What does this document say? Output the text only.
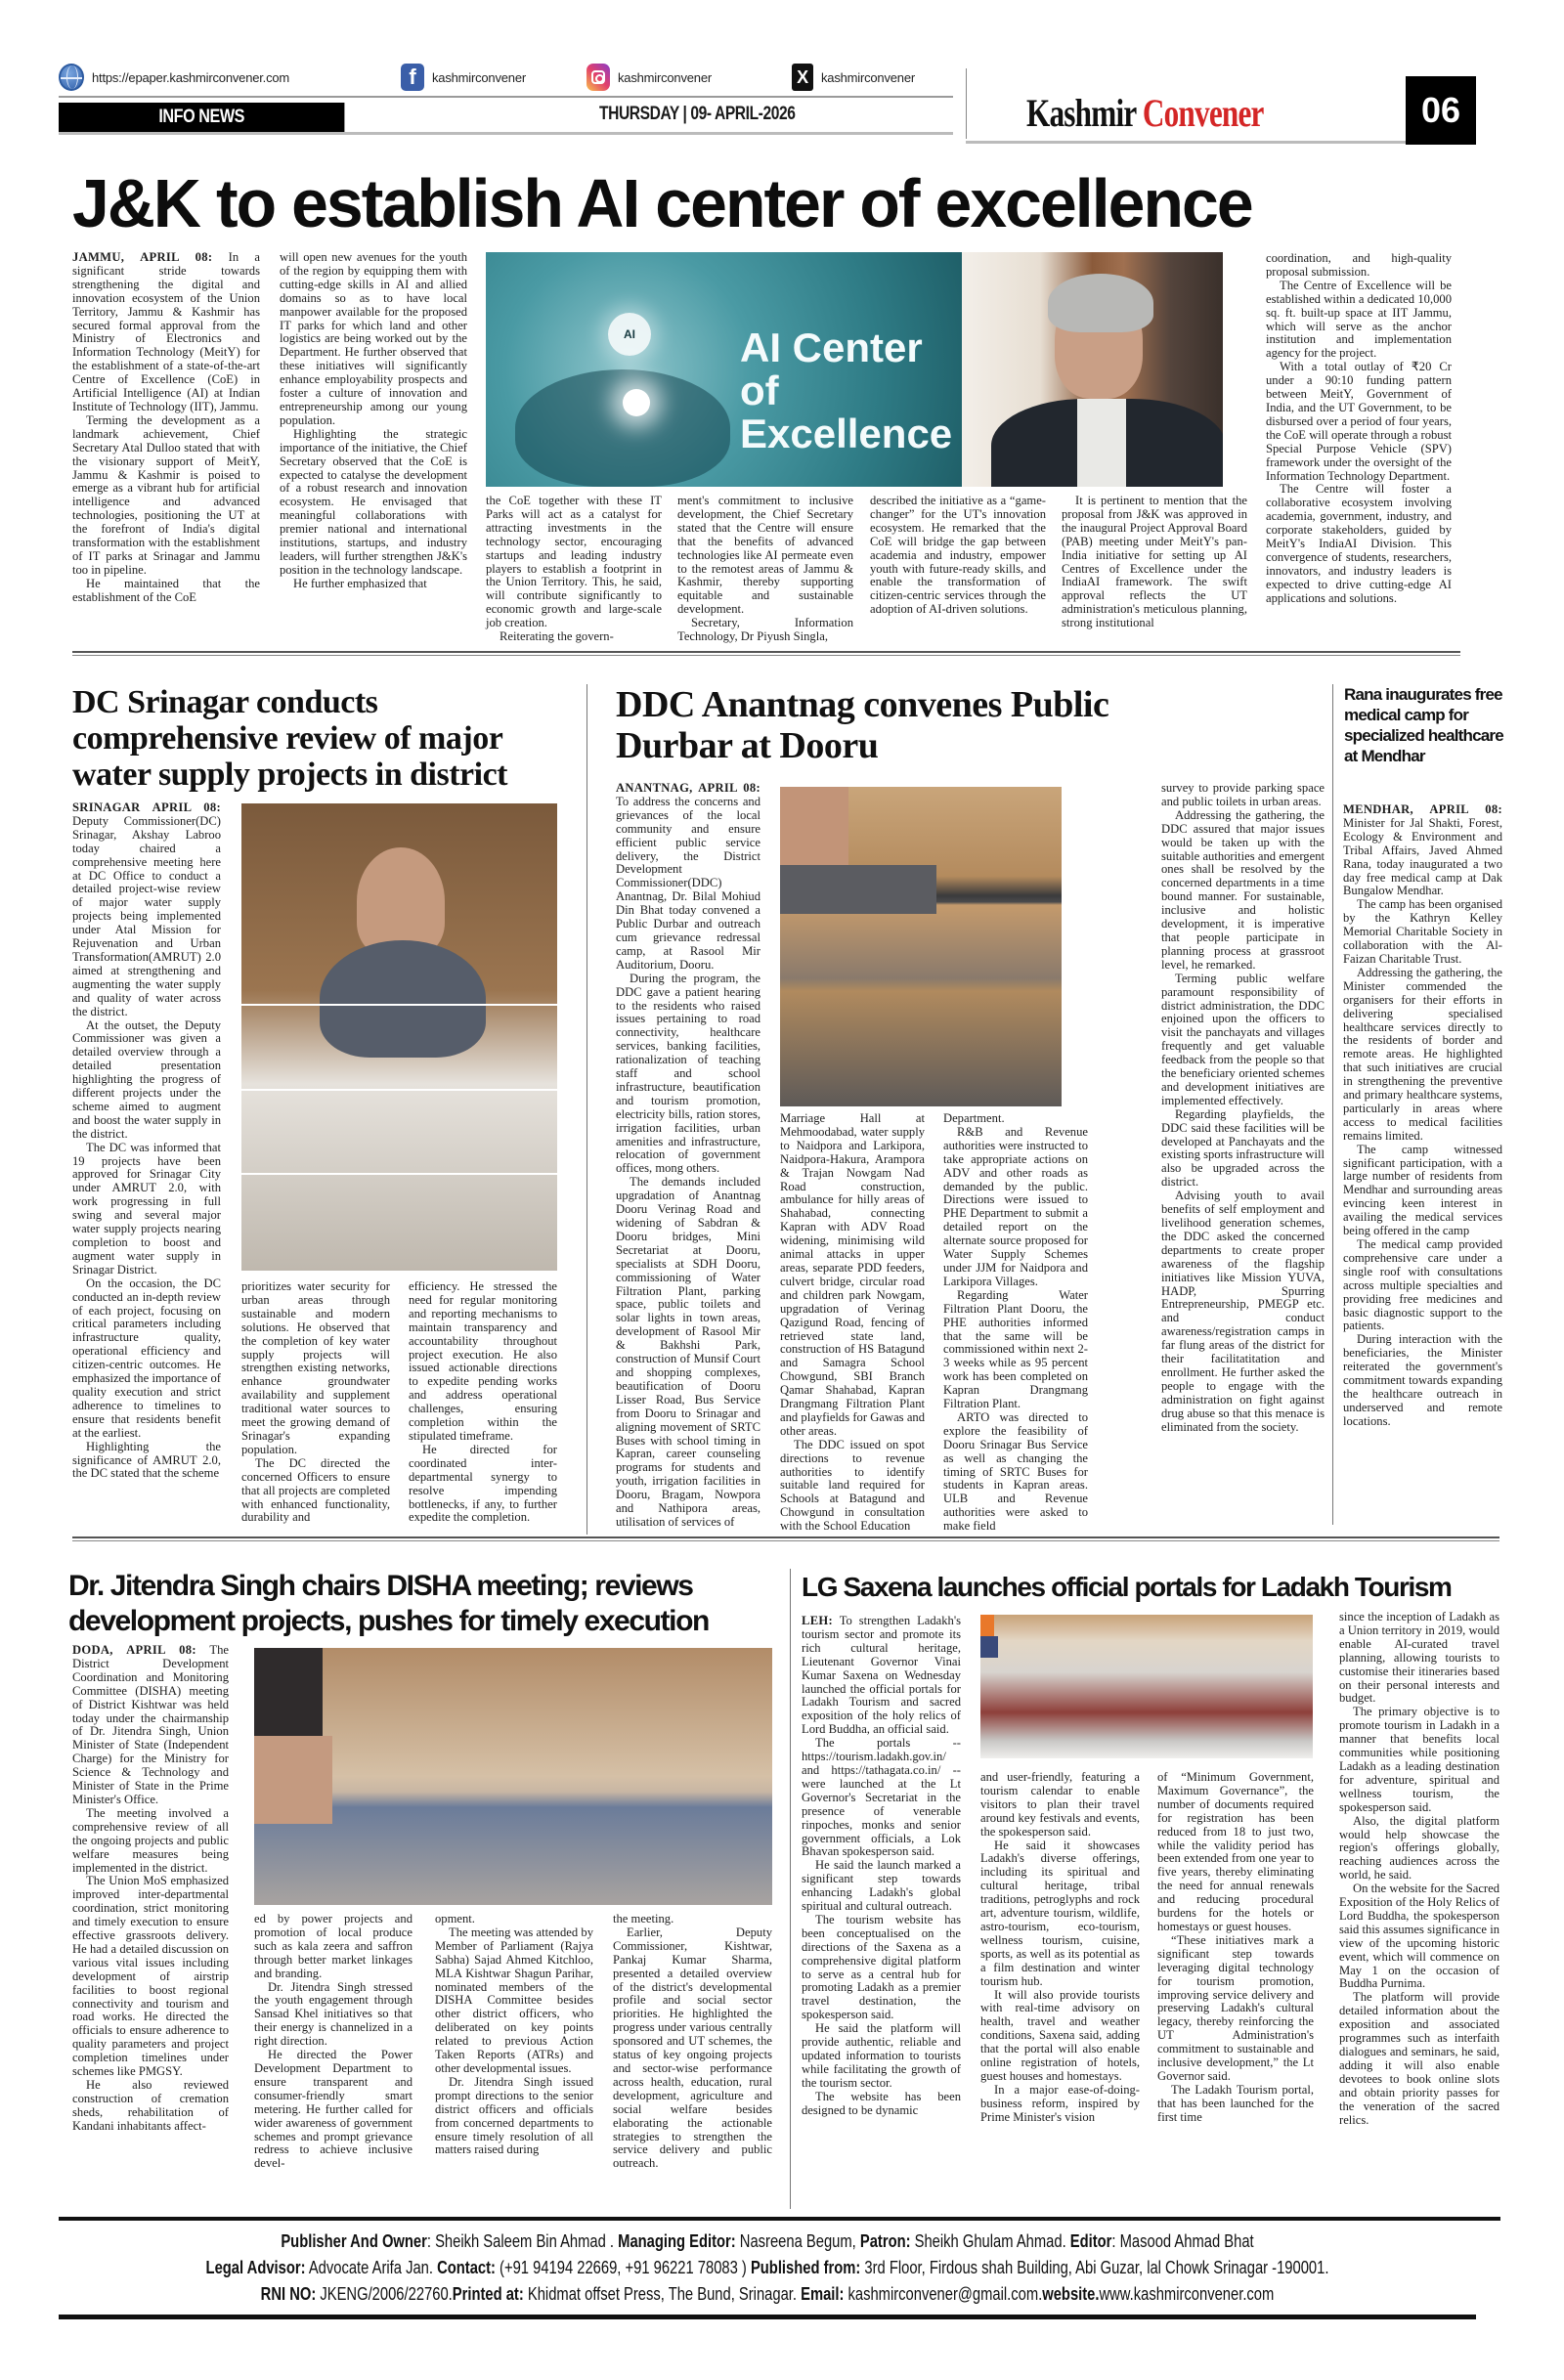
https://epaper.kashmirconvener.com	f	kashmirconvener	kashmirconvener	X	kashmirconvener
INFO NEWS	THURSDAY | 09- APRIL-2026	Kashmir Convener	06
J&K to establish AI center of excellence

JAMMU, APRIL 08: In a significant stride towards strengthening the digital and innovation ecosystem of the Union Territory, Jammu & Kashmir has secured formal approval from the Ministry of Electronics and Information Technology (MeitY) for the establishment of a state-of-the-art Centre of Excellence (CoE) in Artificial Intelligence (AI) at Indian Institute of Technology (IIT), Jammu.

Terming the development as a landmark achievement, Chief Secretary Atal Dulloo stated that with the visionary support of MeitY, Jammu & Kashmir is poised to emerge as a vibrant hub for artificial intelligence and advanced technologies, positioning the UT at the forefront of India's digital transformation with the establishment of IT parks at Srinagar and Jammu too in pipeline.

He maintained that the establishment of the CoE

will open new avenues for the youth of the region by equipping them with cutting-edge skills in AI and allied domains so as to have local manpower available for the proposed IT parks for which land and other logistics are being worked out by the Department. He further observed that these initiatives will significantly enhance employability prospects and foster a culture of innovation and entrepreneurship among our young population.

Highlighting the strategic importance of the initiative, the Chief Secretary observed that the CoE is expected to catalyse the development of a robust research and innovation ecosystem. He envisaged that meaningful collaborations with premier national and international institutions, startups, and industry leaders, will further strengthen J&K's position in the technology landscape.

He further emphasized that

AI	AI Center of Excellence

the CoE together with these IT Parks will act as a catalyst for attracting investments in the technology sector, encouraging startups and leading industry players to establish a footprint in the Union Territory. This, he said, will contribute significantly to economic growth and large-scale job creation.

Reiterating the govern-

ment's commitment to inclusive development, the Chief Secretary stated that the Centre will ensure that the benefits of advanced technologies like AI permeate even to the remotest areas of Jammu & Kashmir, thereby supporting equitable and sustainable development.

Secretary, Information Technology, Dr Piyush Singla,

described the initiative as a “game-changer” for the UT's innovation ecosystem. He remarked that the CoE will bridge the gap between academia and industry, empower youth with future-ready skills, and enable the transformation of citizen-centric services through the adoption of AI-driven solutions.

It is pertinent to mention that the proposal from J&K was approved in the inaugural Project Approval Board (PAB) meeting under MeitY's pan-India initiative for setting up AI Centres of Excellence under the IndiaAI framework. The swift approval reflects the UT administration's meticulous planning, strong institutional

coordination, and high-quality proposal submission.

The Centre of Excellence will be established within a dedicated 10,000 sq. ft. built-up space at IIT Jammu, which will serve as the anchor institution and implementation agency for the project.

With a total outlay of ₹20 Cr under a 90:10 funding pattern between MeitY, Government of India, and the UT Government, to be disbursed over a period of four years, the CoE will operate through a robust Special Purpose Vehicle (SPV) framework under the oversight of the Information Technology Department.

The Centre will foster a collaborative ecosystem involving academia, government, industry, and corporate stakeholders, guided by MeitY's IndiaAI Division. This convergence of students, researchers, innovators, and industry leaders is expected to drive cutting-edge AI applications and solutions.

DC Srinagar conducts comprehensive review of major water supply projects in district

SRINAGAR APRIL 08: Deputy Commissioner(DC) Srinagar, Akshay Labroo today chaired a comprehensive meeting here at DC Office to conduct a detailed project-wise review of major water supply projects being implemented under Atal Mission for Rejuvenation and Urban Transformation(AMRUT) 2.0 aimed at strengthening and augmenting the water supply and quality of water across the district.

At the outset, the Deputy Commissioner was given a detailed overview through a detailed presentation highlighting the progress of different projects under the scheme aimed to augment and boost the water supply in the district.

The DC was informed that 19 projects have been approved for Srinagar City under AMRUT 2.0, with work progressing in full swing and several major water supply projects nearing completion to boost and augment water supply in Srinagar District.

On the occasion, the DC conducted an in-depth review of each project, focusing on critical parameters including infrastructure quality, operational efficiency and citizen-centric outcomes. He emphasized the importance of quality execution and strict adherence to timelines to ensure that residents benefit at the earliest.

Highlighting the significance of AMRUT 2.0, the DC stated that the scheme

prioritizes water security for urban areas through sustainable and modern solutions. He observed that the completion of key water supply projects will strengthen existing networks, enhance groundwater availability and supplement traditional water sources to meet the growing demand of Srinagar's expanding population.

The DC directed the concerned Officers to ensure that all projects are completed with enhanced functionality, durability and

efficiency. He stressed the need for regular monitoring and reporting mechanisms to maintain transparency and accountability throughout project execution. He also issued actionable directions to expedite pending works and address operational challenges, ensuring completion within the stipulated timeframe.

He directed for coordinated inter-departmental synergy to resolve impending bottlenecks, if any, to further expedite the completion.

DDC Anantnag convenes Public Durbar at Dooru

ANANTNAG, APRIL 08: To address the concerns and grievances of the local community and ensure efficient public service delivery, the District Development Commissioner(DDC) Anantnag, Dr. Bilal Mohiud Din Bhat today convened a Public Durbar and outreach cum grievance redressal camp, at Rasool Mir Auditorium, Dooru.

During the program, the DDC gave a patient hearing to the residents who raised issues pertaining to road connectivity, healthcare services, banking facilities, rationalization of teaching staff and school infrastructure, beautification and tourism promotion, electricity bills, ration stores, irrigation facilities, urban amenities and infrastructure, relocation of government offices, mong others.

The demands included upgradation of Anantnag Dooru Verinag Road and widening of Sabdran & Dooru bridges, Mini Secretariat at Dooru, specialists at SDH Dooru, commissioning of Water Filtration Plant, parking space, public toilets and solar lights in town areas, development of Rasool Mir & Bakhshi Park, construction of Munsif Court and shopping complexes, beautification of Dooru Lisser Road, Bus Service from Dooru to Srinagar and aligning movement of SRTC Buses with school timing in Kapran, career counseling programs for students and youth, irrigation facilities in Dooru, Bragam, Nowpora and Nathipora areas, utilisation of services of

Marriage Hall at Mehmoodabad, water supply to Naidpora and Larkipora, Naidpora-Hakura, Arampora & Trajan Nowgam Nad Road construction, ambulance for hilly areas of Shahabad, connecting Kapran with ADV Road widening, minimising wild animal attacks in upper areas, separate PDD feeders, culvert bridge, circular road and children park Nowgam, upgradation of Verinag Qazigund Road, fencing of retrieved state land, construction of HS Batagund and Samagra School Chowgund, SBI Branch Qamar Shahabad, Kapran Drangmang Filtration Plant and playfields for Gawas and other areas.

The DDC issued on spot directions to revenue authorities to identify suitable land required for Schools at Batagund and Chowgund in consultation with the School Education

Department.

R&B and Revenue authorities were instructed to take appropriate actions on ADV and other roads as demanded by the public. Directions were issued to PHE Department to submit a detailed report on the alternate source proposed for Water Supply Schemes under JJM for Naidpora and Larkipora Villages.

Regarding Water Filtration Plant Dooru, the PHE authorities informed that the same will be commissioned within next 2-3 weeks while as 95 percent work has been completed on Kapran Drangmang Filtration Plant.

ARTO was directed to explore the feasibility of Dooru Srinagar Bus Service as well as changing the timing of SRTC Buses for students in Kapran areas. ULB and Revenue authorities were asked to make field

survey to provide parking space and public toilets in urban areas.

Addressing the gathering, the DDC assured that major issues would be taken up with the suitable authorities and emergent ones shall be resolved by the concerned departments in a time bound manner. For sustainable, inclusive and holistic development, it is imperative that people participate in planning process at grassroot level, he remarked.

Terming public welfare paramount responsibility of district administration, the DDC enjoined upon the officers to visit the panchayats and villages frequently and get valuable feedback from the people so that the beneficiary oriented schemes and development initiatives are implemented effectively.

Regarding playfields, the DDC said these facilities will be developed at Panchayats and the existing sports infrastructure will also be upgraded across the district.

Advising youth to avail benefits of self employment and livelihood generation schemes, the DDC asked the concerned departments to create proper awareness of the flagship initiatives like Mission YUVA, HADP, Spurring Entrepreneurship, PMEGP etc. and conduct awareness/registration camps in far flung areas of the district for their facilitatitation and enrollment. He further asked the people to engage with the administration on fight against drug abuse so that this menace is eliminated from the society.

Rana inaugurates free medical camp for specialized healthcare at Mendhar

MENDHAR, APRIL 08: Minister for Jal Shakti, Forest, Ecology & Environment and Tribal Affairs, Javed Ahmed Rana, today inaugurated a two day free medical camp at Dak Bungalow Mendhar.

The camp has been organised by the Kathryn Kelley Memorial Charitable Society in collaboration with the Al-Faizan Charitable Trust.

Addressing the gathering, the Minister commended the organisers for their efforts in delivering specialised healthcare services directly to the residents of border and remote areas. He highlighted that such initiatives are crucial in strengthening the preventive and primary healthcare systems, particularly in areas where access to medical facilities remains limited.

The camp witnessed significant participation, with a large number of residents from Mendhar and surrounding areas evincing keen interest in availing the medical services being offered in the camp

The medical camp provided comprehensive care under a single roof with consultations across multiple specialties and providing free medicines and basic diagnostic support to the patients.

During interaction with the beneficiaries, the Minister reiterated the government's commitment towards expanding the healthcare outreach in underserved and remote locations.

Dr. Jitendra Singh chairs DISHA meeting; reviews development projects, pushes for timely execution

DODA, APRIL 08: The District Development Coordination and Monitoring Committee (DISHA) meeting of District Kishtwar was held today under the chairmanship of Dr. Jitendra Singh, Union Minister of State (Independent Charge) for the Ministry for Science & Technology and Minister of State in the Prime Minister's Office.

The meeting involved a comprehensive review of all the ongoing projects and public welfare measures being implemented in the district.

The Union MoS emphasized improved inter-departmental coordination, strict monitoring and timely execution to ensure effective grassroots delivery. He had a detailed discussion on various vital issues including development of airstrip facilities to boost regional connectivity and tourism and road works. He directed the officials to ensure adherence to quality parameters and project completion timelines under schemes like PMGSY.

He also reviewed construction of cremation sheds, rehabilitation of Kandani inhabitants affect-

ed by power projects and promotion of local produce such as kala zeera and saffron through better market linkages and branding.

Dr. Jitendra Singh stressed the youth engagement through Sansad Khel initiatives so that their energy is channelized in a right direction.

He directed the Power Development Department to ensure transparent and consumer-friendly smart metering. He further called for wider awareness of government schemes and prompt grievance redress to achieve inclusive devel-

opment.

The meeting was attended by Member of Parliament (Rajya Sabha) Sajad Ahmed Kitchloo, MLA Kishtwar Shagun Parihar, nominated members of the DISHA Committee besides other district officers, who deliberated on key points related to previous Action Taken Reports (ATRs) and other developmental issues.

Dr. Jitendra Singh issued prompt directions to the senior district officers and officials from concerned departments to ensure timely resolution of all matters raised during

the meeting.

Earlier, Deputy Commissioner, Kishtwar, Pankaj Kumar Sharma, presented a detailed overview of the district's developmental profile and social sector priorities. He highlighted the progress under various centrally sponsored and UT schemes, the status of key ongoing projects and sector-wise performance across health, education, rural development, agriculture and social welfare besides elaborating the actionable strategies to strengthen the service delivery and public outreach.

LG Saxena launches official portals for Ladakh Tourism

LEH: To strengthen Ladakh's tourism sector and promote its rich cultural heritage, Lieutenant Governor Vinai Kumar Saxena on Wednesday launched the official portals for Ladakh Tourism and sacred exposition of the holy relics of Lord Buddha, an official said.

The portals -- https://tourism.ladakh.gov.in/ and https://tathagata.co.in/ -- were launched at the Lt Governor's Secretariat in the presence of venerable rinpoches, monks and senior government officials, a Lok Bhavan spokesperson said.

He said the launch marked a significant step towards enhancing Ladakh's global spiritual and cultural outreach.

The tourism website has been conceptualised on the directions of the Saxena as a comprehensive digital platform to serve as a central hub for promoting Ladakh as a premier travel destination, the spokesperson said.

He said the platform will provide authentic, reliable and updated information to tourists while facilitating the growth of the tourism sector.

The website has been designed to be dynamic

and user-friendly, featuring a tourism calendar to enable visitors to plan their travel around key festivals and events, the spokesperson said.

He said it showcases Ladakh's diverse offerings, including its spiritual and cultural heritage, tribal traditions, petroglyphs and rock art, adventure tourism, wildlife, astro-tourism, eco-tourism, wellness tourism, cuisine, sports, as well as its potential as a film destination and winter tourism hub.

It will also provide tourists with real-time advisory on health, travel and weather conditions, Saxena said, adding that the portal will also enable online registration of hotels, guest houses and homestays.

In a major ease-of-doing-business reform, inspired by Prime Minister's vision

of “Minimum Government, Maximum Governance”, the number of documents required for registration has been reduced from 18 to just two, while the validity period has been extended from one year to five years, thereby eliminating the need for annual renewals and reducing procedural burdens for the hotels or homestays or guest houses.

“These initiatives mark a significant step towards leveraging digital technology for tourism promotion, improving service delivery and preserving Ladakh's cultural legacy, thereby reinforcing the UT Administration's commitment to sustainable and inclusive development,” the Lt Governor said.

The Ladakh Tourism portal, that has been launched for the first time

since the inception of Ladakh as a Union territory in 2019, would enable AI-curated travel planning, allowing tourists to customise their itineraries based on their personal interests and budget.

The primary objective is to promote tourism in Ladakh in a manner that benefits local communities while positioning Ladakh as a leading destination for adventure, spiritual and wellness tourism, the spokesperson said.

Also, the digital platform would help showcase the region's offerings globally, reaching audiences across the world, he said.

On the website for the Sacred Exposition of the Holy Relics of Lord Buddha, the spokesperson said this assumes significance in view of the upcoming historic event, which will commence on May 1 on the occasion of Buddha Purnima.

The platform will provide detailed information about the exposition and associated programmes such as interfaith dialogues and seminars, he said, adding it will also enable devotees to book online slots and obtain priority passes for the veneration of the sacred relics.

Publisher And Owner: Sheikh Saleem Bin Ahmad . Managing Editor: Nasreena Begum, Patron: Sheikh Ghulam Ahmad. Editor: Masood Ahmad Bhat
Legal Advisor: Advocate Arifa Jan. Contact: (+91 94194 22669, +91 96221 78083 ) Published from: 3rd Floor, Firdous shah Building, Abi Guzar, lal Chowk Srinagar -190001.
RNI NO: JKENG/2006/22760.Printed at: Khidmat offset Press, The Bund, Srinagar. Email: kashmirconvener@gmail.com.website.www.kashmirconvener.com
